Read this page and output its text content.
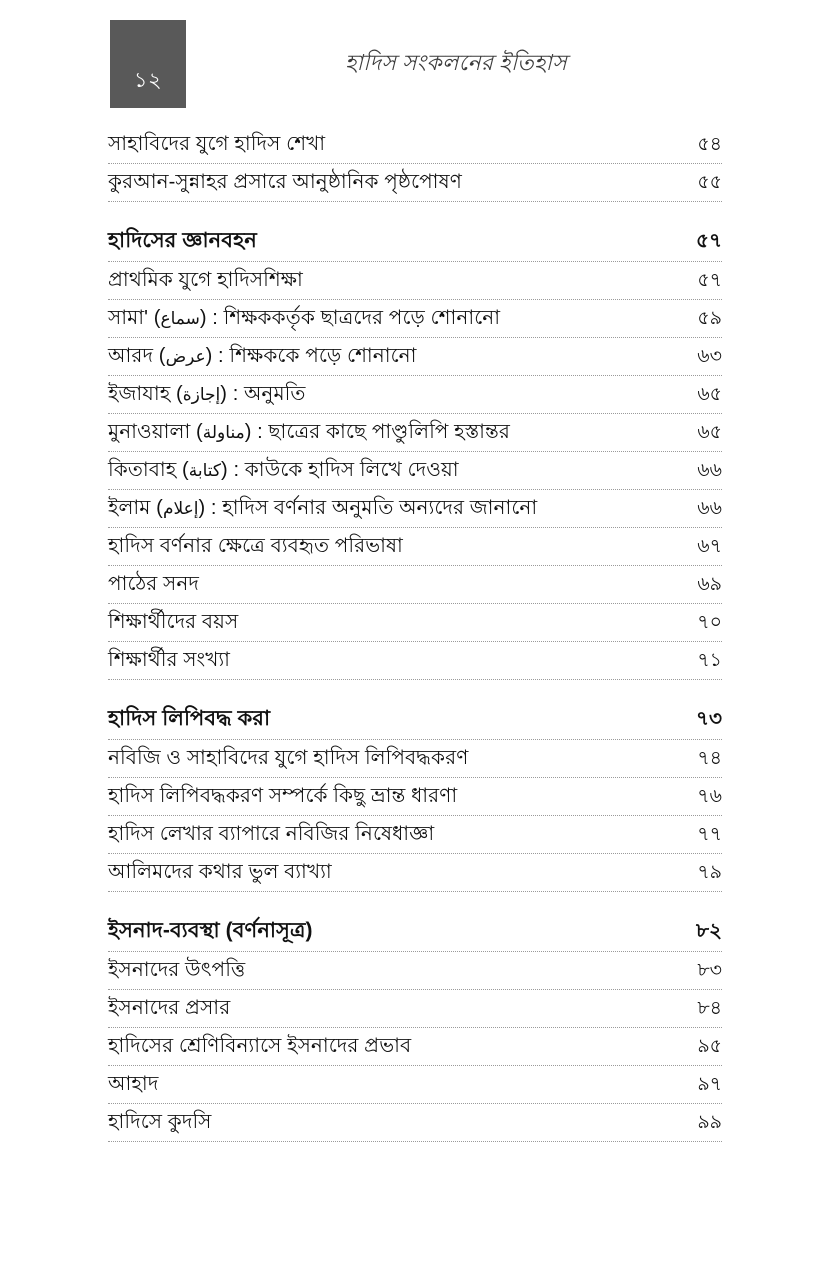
১২
হাদিস সংকলনের ইতিহাস
সাহাবিদের যুগে হাদিস শেখা	৫৪
কুরআন-সুন্নাহর প্রসারে আনুষ্ঠানিক পৃষ্ঠপোষণ	৫৫
হাদিসের জ্ঞানবহন	৫৭
প্রাথমিক যুগে হাদিসশিক্ষা	৫৭
সামা' (سماع) : শিক্ষককর্তৃক ছাত্রদের পড়ে শোনানো	৫৯
আরদ (عرض) : শিক্ষককে পড়ে শোনানো	৬৩
ইজাযাহ (إجازة) : অনুমতি	৬৫
মুনাওয়ালা (مناولة) : ছাত্রের কাছে পাণ্ডুলিপি হস্তান্তর	৬৫
কিতাবাহ (كتابة) : কাউকে হাদিস লিখে দেওয়া	৬৬
ইলাম (إعلام) : হাদিস বর্ণনার অনুমতি অন্যদের জানানো	৬৬
হাদিস বর্ণনার ক্ষেত্রে ব্যবহৃত পরিভাষা	৬৭
পাঠের সনদ	৬৯
শিক্ষার্থীদের বয়স	৭০
শিক্ষার্থীর সংখ্যা	৭১
হাদিস লিপিবদ্ধ করা	৭৩
নবিজি ও সাহাবিদের যুগে হাদিস লিপিবদ্ধকরণ	৭৪
হাদিস লিপিবদ্ধকরণ সম্পর্কে কিছু ভ্রান্ত ধারণা	৭৬
হাদিস লেখার ব্যাপারে নবিজির নিষেধাজ্ঞা	৭৭
আলিমদের কথার ভুল ব্যাখ্যা	৭৯
ইসনাদ-ব্যবস্থা (বর্ণনাসূত্র)	৮২
ইসনাদের উৎপত্তি	৮৩
ইসনাদের প্রসার	৮৪
হাদিসের শ্রেণিবিন্যাসে ইসনাদের প্রভাব	৯৫
আহাদ	৯৭
হাদিসে কুদসি	৯৯
